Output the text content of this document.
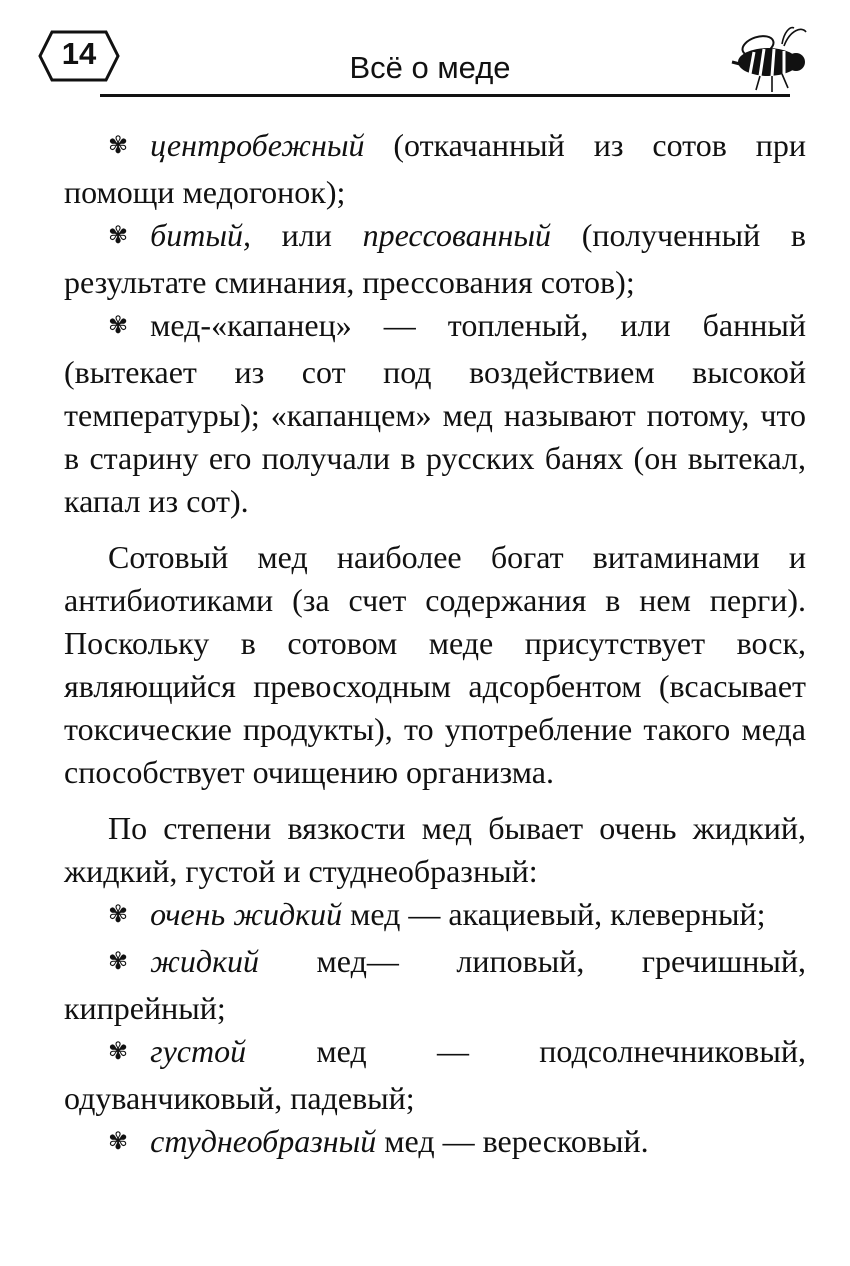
14	Всё о меде

✾ центробежный (откачанный из сотов при помощи медогонок);

✾ битый, или прессованный (полученный в результате сминания, прессования сотов);

✾ мед-«капанец» — топленый, или банный (вытекает из сот под воздействием высокой температуры); «капанцем» мед называют потому, что в старину его получали в русских банях (он вытекал, капал из сот).

Сотовый мед наиболее богат витаминами и антибиотиками (за счет содержания в нем перги). Поскольку в сотовом меде присутствует воск, являющийся превосходным адсорбентом (всасывает токсические продукты), то употребление такого меда способствует очищению организма.

По степени вязкости мед бывает очень жидкий, жидкий, густой и студнеобразный:

✾ очень жидкий мед — акациевый, клеверный;

✾ жидкий мед— липовый, гречишный, кипрейный;

✾ густой мед — подсолнечниковый, одуванчиковый, падевый;

✾ студнеобразный мед — вересковый.
